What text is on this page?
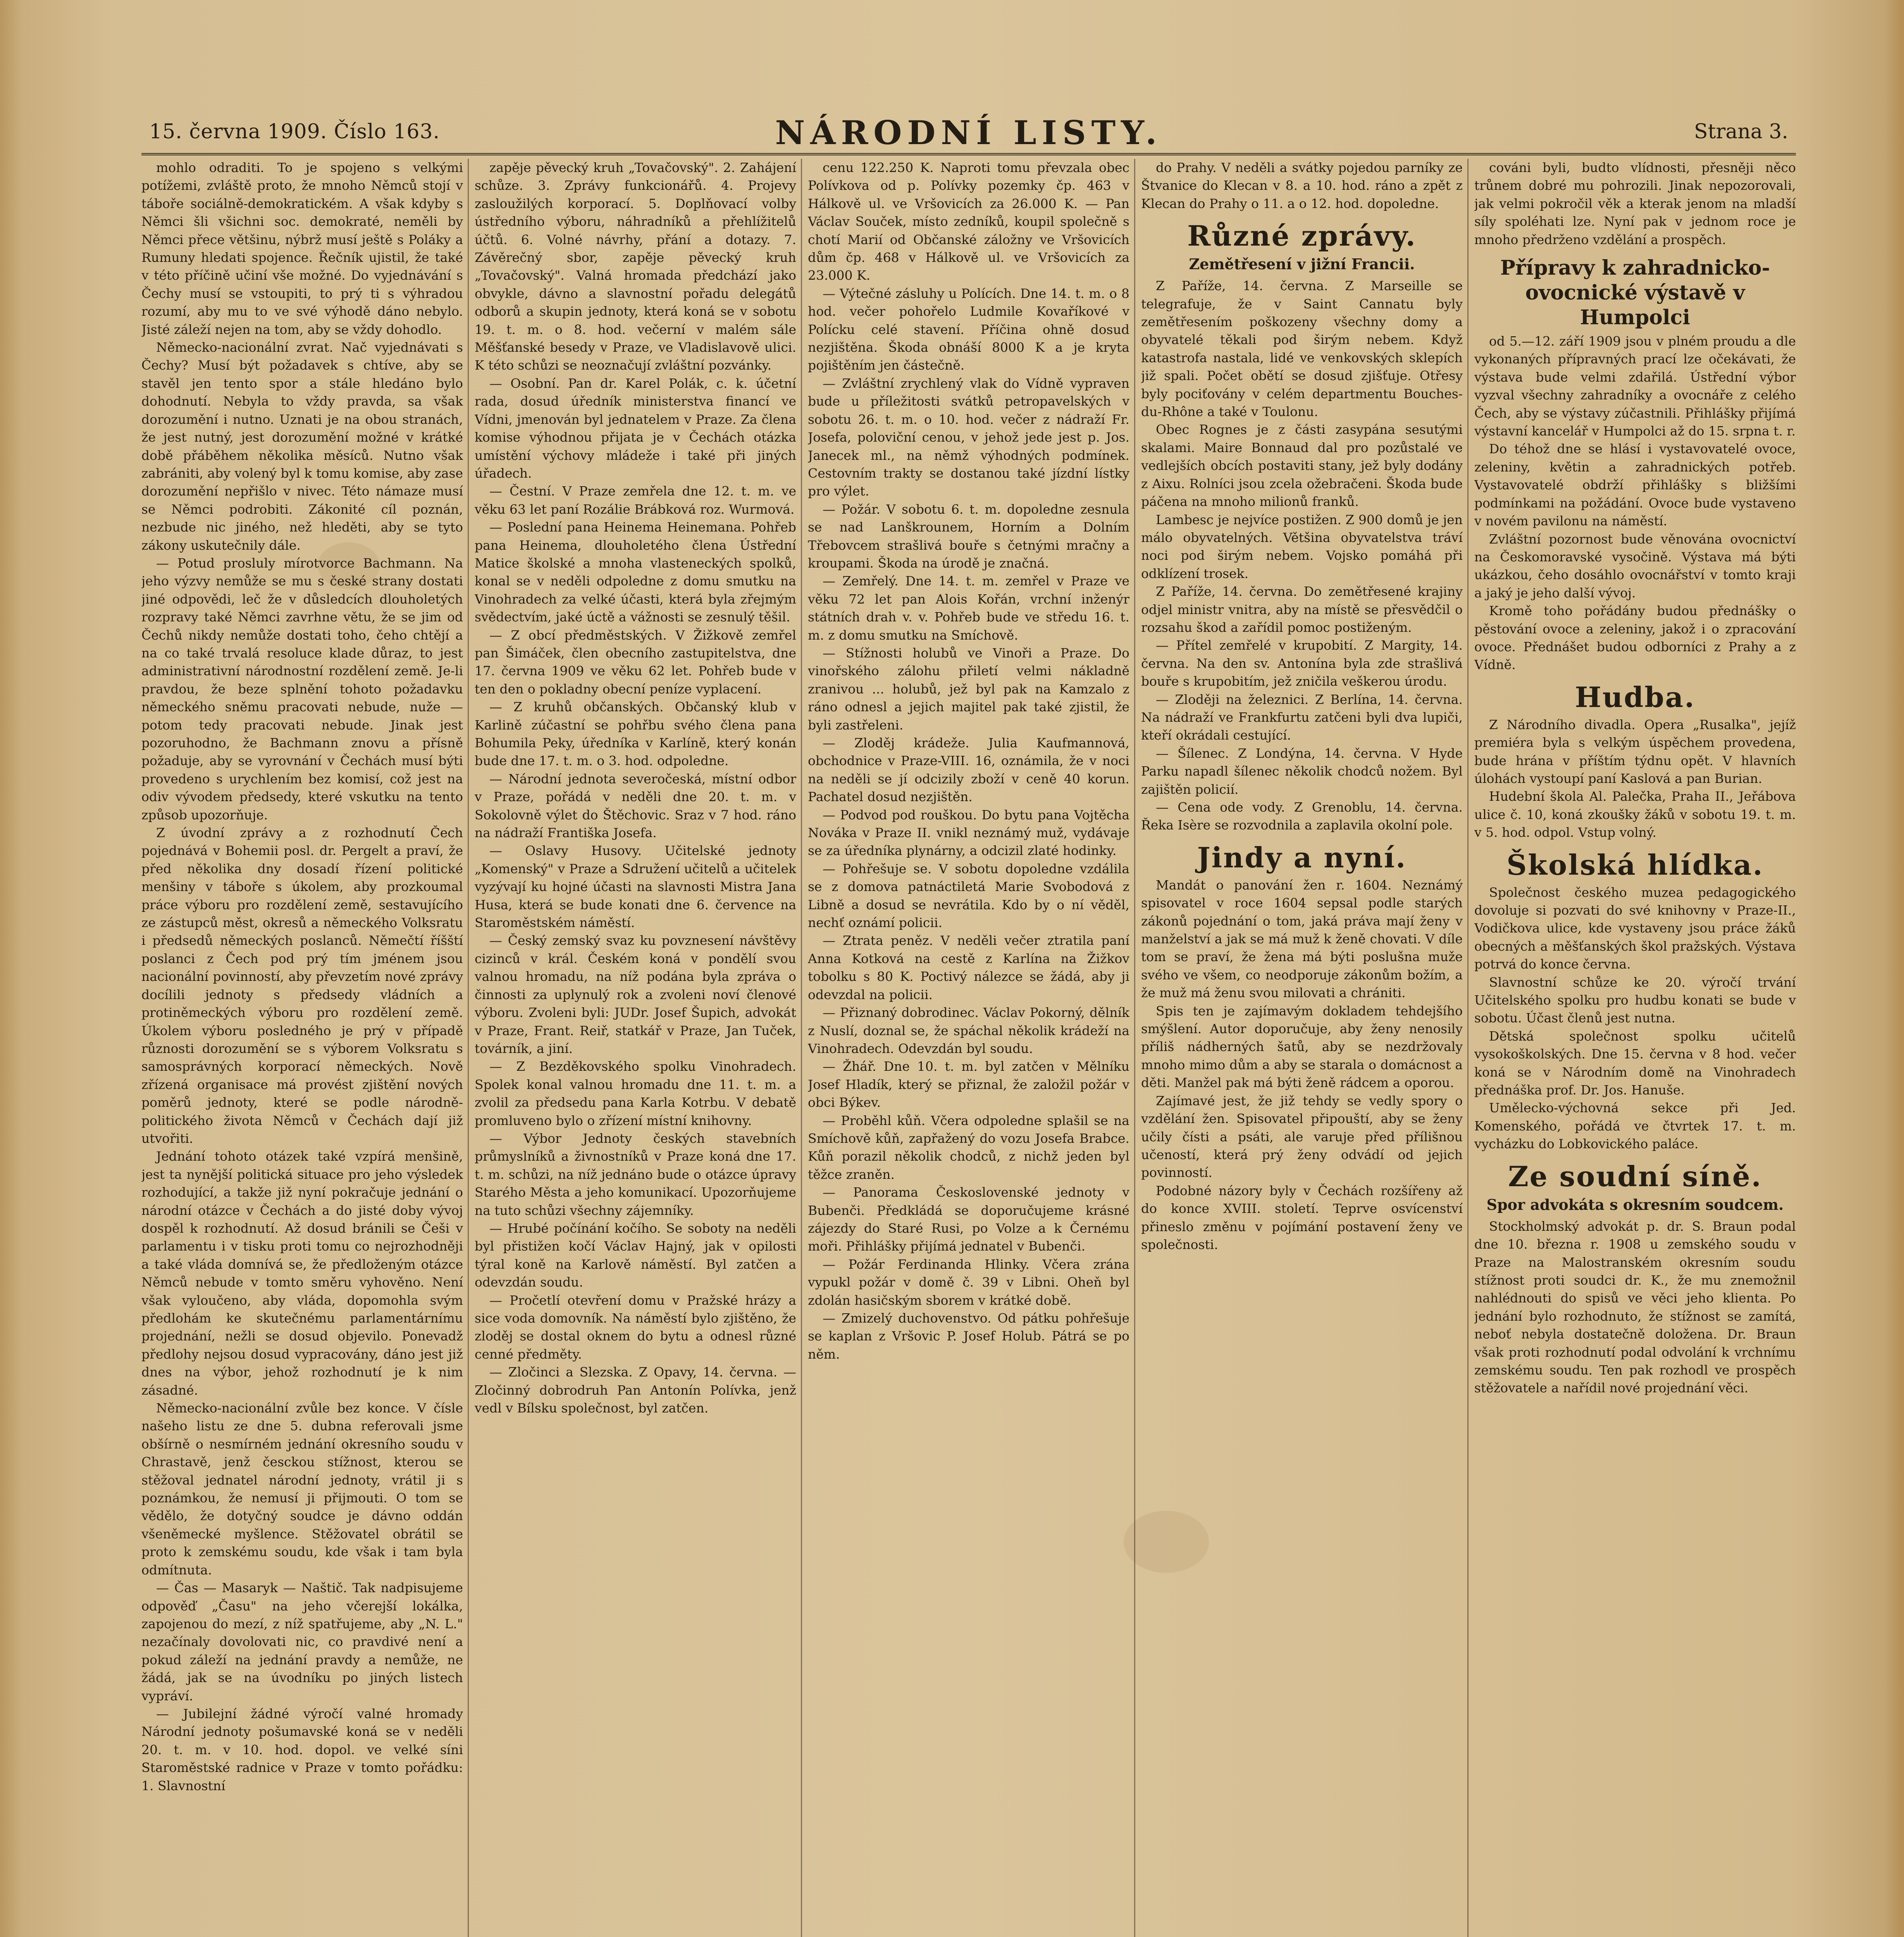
15. června 1909. Číslo 163.	NÁRODNÍ LISTY.	Strana 3.

mohlo odraditi. To je spojeno s velkými potížemi, zvláště proto, že mnoho Němců stojí v táboře sociálně-demokratickém. A však kdyby s Němci šli všichni soc. demokraté, neměli by Němci přece většinu, nýbrž musí ještě s Poláky a Rumuny hledati spojence. Řečník ujistil, že také v této příčině učiní vše možné. Do vyjednávání s Čechy musí se vstoupiti, to prý ti s výhradou rozumí, aby mu to ve své výhodě dáno nebylo. Jisté záleží nejen na tom, aby se vždy dohodlo.

Německo-nacionální zvrat. Nač vyjednávati s Čechy? Musí být požadavek s chtíve, aby se stavěl jen tento spor a stále hledáno bylo dohodnutí. Nebyla to vždy pravda, sa však dorozumění i nutno. Uznati je na obou stranách, že jest nutný, jest dorozumění možné v krátké době přáběhem několika měsíců. Nutno však zabrániti, aby volený byl k tomu komise, aby zase dorozumění nepřišlo v nivec. Této námaze musí se Němci podrobiti. Zákonité cíl poznán, nezbude nic jiného, než hleděti, aby se tyto zákony uskutečnily dále.

— Potud prosluly mírotvorce Bachmann. Na jeho výzvy nemůže se mu s české strany dostati jiné odpovědi, leč že v důsledcích dlouholetých rozpravy také Němci zavrhne větu, že se jim od Čechů nikdy nemůže dostati toho, čeho chtějí a na co také trvalá resoluce klade důraz, to jest administrativní národnostní rozdělení země. Je-li pravdou, že beze splnění tohoto požadavku německého sněmu pracovati nebude, nuže — potom tedy pracovati nebude. Jinak jest pozoruhodno, že Bachmann znovu a přísně požaduje, aby se vyrovnání v Čechách musí býti provedeno s urychlením bez komisí, což jest na odiv vývodem předsedy, které vskutku na tento způsob upozorňuje.

Z úvodní zprávy a z rozhodnutí Čech pojednává v Bohemii posl. dr. Pergelt a praví, že před několika dny dosadí řízení politické menšiny v táboře s úkolem, aby prozkoumal práce výboru pro rozdělení země, sestavujícího ze zástupců měst, okresů a německého Volksratu i předsedů německých poslanců. Němečtí říšští poslanci z Čech pod prý tím jménem jsou nacionální povinností, aby převzetím nové zprávy docílili jednoty s předsedy vládních a protiněmeckých výboru pro rozdělení země. Úkolem výboru posledného je prý v případě různosti dorozumění se s výborem Volksratu s samosprávných korporací německých. Nově zřízená organisace má provést zjištění nových poměrů jednoty, které se podle národně-politického života Němců v Čechách dají již utvořiti.

Jednání tohoto otázek také vzpírá menšině, jest ta nynější politická situace pro jeho výsledek rozhodující, a takže již nyní pokračuje jednání o národní otázce v Čechách a do jisté doby vývoj dospěl k rozhodnutí. Až dosud bránili se Češi v parlamentu i v tisku proti tomu co nejrozhodněji a také vláda domnívá se, že předloženým otázce Němců nebude v tomto směru vyhověno. Není však vyloučeno, aby vláda, dopomohla svým předlohám ke skutečnému parlamentárnímu projednání, nežli se dosud objevilo. Ponevadž předlohy nejsou dosud vypracovány, dáno jest již dnes na výbor, jehož rozhodnutí je k nim zásadné.

Německo-nacionální zvůle bez konce. V čísle našeho listu ze dne 5. dubna referovali jsme obšírně o nesmírném jednání okresního soudu v Chrastavě, jenž česckou stížnost, kterou se stěžoval jednatel národní jednoty, vrátil ji s poznámkou, že nemusí ji přijmouti. O tom se vědělo, že dotyčný soudce je dávno oddán všeněmecké myšlence. Stěžovatel obrátil se proto k zemskému soudu, kde však i tam byla odmítnuta.

— Čas — Masaryk — Naštič. Tak nadpisujeme odpověď „Času" na jeho včerejší lokálka, zapojenou do mezí, z níž spatřujeme, aby „N. L." nezačínaly dovolovati nic, co pravdivé není a pokud záleží na jednání pravdy a nemůže, ne žádá, jak se na úvodníku po jiných listech vypráví.

— Jubilejní žádné výročí valné hromady Národní jednoty pošumavské koná se v neděli 20. t. m. v 10. hod. dopol. ve velké síni Staroměstské radnice v Praze v tomto pořádku: 1. Slavnostní

zapěje pěvecký kruh „Tovačovský". 2. Zahájení schůze. 3. Zprávy funkcionářů. 4. Projevy zasloužilých korporací. 5. Doplňovací volby ústředního výboru, náhradníků a přehlížitelů účtů. 6. Volné návrhy, přání a dotazy. 7. Závěrečný sbor, zapěje pěvecký kruh „Tovačovský". Valná hromada předchází jako obvykle, dávno a slavnostní pořadu delegátů odborů a skupin jednoty, která koná se v sobotu 19. t. m. o 8. hod. večerní v malém sále Měšťanské besedy v Praze, ve Vladislavově ulici. K této schůzi se neoznačují zvláštní pozvánky.

— Osobní. Pan dr. Karel Polák, c. k. účetní rada, dosud úředník ministerstva financí ve Vídni, jmenován byl jednatelem v Praze. Za člena komise výhodnou přijata je v Čechách otázka umístění výchovy mládeže i také při jiných úřadech.

— Čestní. V Praze zemřela dne 12. t. m. ve věku 63 let paní Rozálie Brábková roz. Wurmová.

— Poslední pana Heinema Heinemana. Pohřeb pana Heinema, dlouholetého člena Ústřední Matice školské a mnoha vlasteneckých spolků, konal se v neděli odpoledne z domu smutku na Vinohradech za velké účasti, která byla zřejmým svědectvím, jaké úctě a vážnosti se zesnulý těšil.

— Z obcí předměstských. V Žižkově zemřel pan Šimáček, člen obecního zastupitelstva, dne 17. června 1909 ve věku 62 let. Pohřeb bude v ten den o pokladny obecní peníze vyplacení.

— Z kruhů občanských. Občanský klub v Karlině zúčastní se pohřbu svého člena pana Bohumila Peky, úředníka v Karlíně, který konán bude dne 17. t. m. o 3. hod. odpoledne.

— Národní jednota severočeská, místní odbor v Praze, pořádá v neděli dne 20. t. m. v Sokolovně výlet do Štěchovic. Sraz v 7 hod. ráno na nádraží Františka Josefa.

— Oslavy Husovy. Učitelské jednoty „Komenský" v Praze a Sdružení učitelů a učitelek vyzývají ku hojné účasti na slavnosti Mistra Jana Husa, která se bude konati dne 6. července na Staroměstském náměstí.

— Český zemský svaz ku povznesení návštěvy cizinců v král. Českém koná v pondělí svou valnou hromadu, na níž podána byla zpráva o činnosti za uplynulý rok a zvoleni noví členové výboru. Zvoleni byli: JUDr. Josef Šupich, advokát v Praze, Frant. Reiř, statkář v Praze, Jan Tuček, továrník, a jiní.

— Z Bezděkovského spolku Vinohradech. Spolek konal valnou hromadu dne 11. t. m. a zvolil za předsedu pana Karla Kotrbu. V debatě promluveno bylo o zřízení místní knihovny.

— Výbor Jednoty českých stavebních průmyslníků a živnostníků v Praze koná dne 17. t. m. schůzi, na níž jednáno bude o otázce úpravy Starého Města a jeho komunikací. Upozorňujeme na tuto schůzi všechny zájemníky.

— Hrubé počínání kočího. Se soboty na neděli byl přistižen kočí Václav Hajný, jak v opilosti týral koně na Karlově náměstí. Byl zatčen a odevzdán soudu.

— Pročetlí otevření domu v Pražské hrázy a sice voda domovník. Na náměstí bylo zjištěno, že zloděj se dostal oknem do bytu a odnesl různé cenné předměty.

— Zločinci a Slezska. Z Opavy, 14. června. — Zločinný dobrodruh Pan Antonín Polívka, jenž vedl v Bílsku společnost, byl zatčen.

cenu 122.250 K. Naproti tomu převzala obec Polívkova od p. Polívky pozemky čp. 463 v Hálkově ul. ve Vršovicích za 26.000 K. — Pan Václav Souček, místo zedníků, koupil společně s chotí Marií od Občanské záložny ve Vršovicích dům čp. 468 v Hálkově ul. ve Vršovicích za 23.000 K.

— Výtečné zásluhy u Polících. Dne 14. t. m. o 8 hod. večer pohořelo Ludmile Kovaříkové v Polícku celé stavení. Příčina ohně dosud nezjištěna. Škoda obnáší 8000 K a je kryta pojištěním jen částečně.

— Zvláštní zrychlený vlak do Vídně vypraven bude u příležitosti svátků petropavelských v sobotu 26. t. m. o 10. hod. večer z nádraží Fr. Josefa, poloviční cenou, v jehož jede jest p. Jos. Janecek ml., na němž výhodných podmínek. Cestovním trakty se dostanou také jízdní lístky pro výlet.

— Požár. V sobotu 6. t. m. dopoledne zesnula se nad Lanškrounem, Horním a Dolním Třebovcem strašlivá bouře s četnými mračny a kroupami. Škoda na úrodě je značná.

— Zemřelý. Dne 14. t. m. zemřel v Praze ve věku 72 let pan Alois Kořán, vrchní inženýr státních drah v. v. Pohřeb bude ve středu 16. t. m. z domu smutku na Smíchově.

— Stížnosti holubů ve Vinoři a Praze. Do vinořského zálohu přiletí velmi nákladně zranivou ... holubů, jež byl pak na Kamzalo z ráno odnesl a jejich majitel pak také zjistil, že byli zastřeleni.

— Zloděj krádeže. Julia Kaufmannová, obchodnice v Praze-VIII. 16, oznámila, že v noci na neděli se jí odcizily zboží v ceně 40 korun. Pachatel dosud nezjištěn.

— Podvod pod rouškou. Do bytu pana Vojtěcha Nováka v Praze II. vnikl neznámý muž, vydávaje se za úředníka plynárny, a odcizil zlaté hodinky.

— Pohřešuje se. V sobotu dopoledne vzdálila se z domova patnáctiletá Marie Svobodová z Libně a dosud se nevrátila. Kdo by o ní věděl, nechť oznámí policii.

— Ztrata peněz. V neděli večer ztratila paní Anna Kotková na cestě z Karlína na Žižkov tobolku s 80 K. Poctivý nálezce se žádá, aby ji odevzdal na policii.

— Přiznaný dobrodinec. Václav Pokorný, dělník z Nuslí, doznal se, že spáchal několik krádeží na Vinohradech. Odevzdán byl soudu.

— Žhář. Dne 10. t. m. byl zatčen v Mělníku Josef Hladík, který se přiznal, že založil požár v obci Býkev.

— Proběhl kůň. Včera odpoledne splašil se na Smíchově kůň, zapřažený do vozu Josefa Brabce. Kůň porazil několik chodců, z nichž jeden byl těžce zraněn.

— Panorama Československé jednoty v Bubenči. Předkládá se doporučujeme krásné zájezdy do Staré Rusi, po Volze a k Černému moři. Přihlášky přijímá jednatel v Bubenči.

— Požár Ferdinanda Hlinky. Včera zrána vypukl požár v domě č. 39 v Libni. Oheň byl zdolán hasičským sborem v krátké době.

— Zmizelý duchovenstvo. Od pátku pohřešuje se kaplan z Vršovic P. Josef Holub. Pátrá se po něm.

do Prahy. V neděli a svátky pojedou parníky ze Štvanice do Klecan v 8. a 10. hod. ráno a zpět z Klecan do Prahy o 11. a o 12. hod. dopoledne.

Různé zprávy.
Zemětřesení v jižní Francii.

Z Paříže, 14. června. Z Marseille se telegrafuje, že v Saint Cannatu byly zemětřesením poškozeny všechny domy a obyvatelé těkali pod širým nebem. Když katastrofa nastala, lidé ve venkovských sklepích již spali. Počet obětí se dosud zjišťuje. Otřesy byly pociťovány v celém departmentu Bouches-du-Rhône a také v Toulonu.

Obec Rognes je z části zasypána sesutými skalami. Maire Bonnaud dal pro pozůstalé ve vedlejších obcích postaviti stany, jež byly dodány z Aixu. Rolníci jsou zcela ožebračeni. Škoda bude páčena na mnoho milionů franků.

Lambesc je nejvíce postižen. Z 900 domů je jen málo obyvatelných. Většina obyvatelstva tráví noci pod širým nebem. Vojsko pomáhá při odklízení trosek.

Z Paříže, 14. června. Do zemětřesené krajiny odjel ministr vnitra, aby na místě se přesvědčil o rozsahu škod a zařídil pomoc postiženým.

— Přítel zemřelé v krupobití. Z Margity, 14. června. Na den sv. Antonína byla zde strašlivá bouře s krupobitím, jež zničila veškerou úrodu.

— Zloději na železnici. Z Berlína, 14. června. Na nádraží ve Frankfurtu zatčeni byli dva lupiči, kteří okrádali cestující.

— Šílenec. Z Londýna, 14. června. V Hyde Parku napadl šílenec několik chodců nožem. Byl zajištěn policií.

— Cena ode vody. Z Grenoblu, 14. června. Řeka Isère se rozvodnila a zaplavila okolní pole.

Jindy a nyní.

Mandát o panování žen r. 1604. Neznámý spisovatel v roce 1604 sepsal podle starých zákonů pojednání o tom, jaká práva mají ženy v manželství a jak se má muž k ženě chovati. V díle tom se praví, že žena má býti poslušna muže svého ve všem, co neodporuje zákonům božím, a že muž má ženu svou milovati a chrániti.

Spis ten je zajímavým dokladem tehdejšího smýšlení. Autor doporučuje, aby ženy nenosily příliš nádherných šatů, aby se nezdržovaly mnoho mimo dům a aby se starala o domácnost a děti. Manžel pak má býti ženě rádcem a oporou.

Zajímavé jest, že již tehdy se vedly spory o vzdělání žen. Spisovatel připouští, aby se ženy učily čísti a psáti, ale varuje před přílišnou učeností, která prý ženy odvádí od jejich povinností.

Podobné názory byly v Čechách rozšířeny až do konce XVIII. století. Teprve osvícenství přineslo změnu v pojímání postavení ženy ve společnosti.

cováni byli, budto vlídnosti, přesněji něco trůnem dobré mu pohrozili. Jinak nepozorovali, jak velmi pokročil věk a kterak jenom na mladší síly spoléhati lze. Nyní pak v jednom roce je mnoho předrženo vzdělání a prospěch.

Přípravy k zahradnicko-ovocnické výstavě v Humpolci

od 5.—12. září 1909 jsou v plném proudu a dle vykonaných přípravných prací lze očekávati, že výstava bude velmi zdařilá. Ústřední výbor vyzval všechny zahradníky a ovocnáře z celého Čech, aby se výstavy zúčastnili. Přihlášky přijímá výstavní kancelář v Humpolci až do 15. srpna t. r.

Do téhož dne se hlásí i vystavovatelé ovoce, zeleniny, květin a zahradnických potřeb. Vystavovatelé obdrží přihlášky s bližšími podmínkami na požádání. Ovoce bude vystaveno v novém pavilonu na náměstí.

Zvláštní pozornost bude věnována ovocnictví na Českomoravské vysočině. Výstava má býti ukázkou, čeho dosáhlo ovocnářství v tomto kraji a jaký je jeho další vývoj.

Kromě toho pořádány budou přednášky o pěstování ovoce a zeleniny, jakož i o zpracování ovoce. Přednášet budou odborníci z Prahy a z Vídně.

Hudba.

Z Národního divadla. Opera „Rusalka", jejíž premiéra byla s velkým úspěchem provedena, bude hrána v příštím týdnu opět. V hlavních úlohách vystoupí paní Kaslová a pan Burian.

Hudební škola Al. Palečka, Praha II., Jeřábova ulice č. 10, koná zkoušky žáků v sobotu 19. t. m. v 5. hod. odpol. Vstup volný.

Školská hlídka.

Společnost českého muzea pedagogického dovoluje si pozvati do své knihovny v Praze-II., Vodičkova ulice, kde vystaveny jsou práce žáků obecných a měšťanských škol pražských. Výstava potrvá do konce června.

Slavnostní schůze ke 20. výročí trvání Učitelského spolku pro hudbu konati se bude v sobotu. Účast členů jest nutna.

Dětská společnost spolku učitelů vysokoškolských. Dne 15. června v 8 hod. večer koná se v Národním domě na Vinohradech přednáška prof. Dr. Jos. Hanuše.

Umělecko-výchovná sekce při Jed. Komenského, pořádá ve čtvrtek 17. t. m. vycházku do Lobkovického paláce.

Ze soudní síně.
Spor advokáta s okresním soudcem.

Stockholmský advokát p. dr. S. Braun podal dne 10. března r. 1908 u zemského soudu v Praze na Malostranském okresním soudu stížnost proti soudci dr. K., že mu znemožnil nahlédnouti do spisů ve věci jeho klienta. Po jednání bylo rozhodnuto, že stížnost se zamítá, neboť nebyla dostatečně doložena. Dr. Braun však proti rozhodnutí podal odvolání k vrchnímu zemskému soudu. Ten pak rozhodl ve prospěch stěžovatele a nařídil nové projednání věci.
